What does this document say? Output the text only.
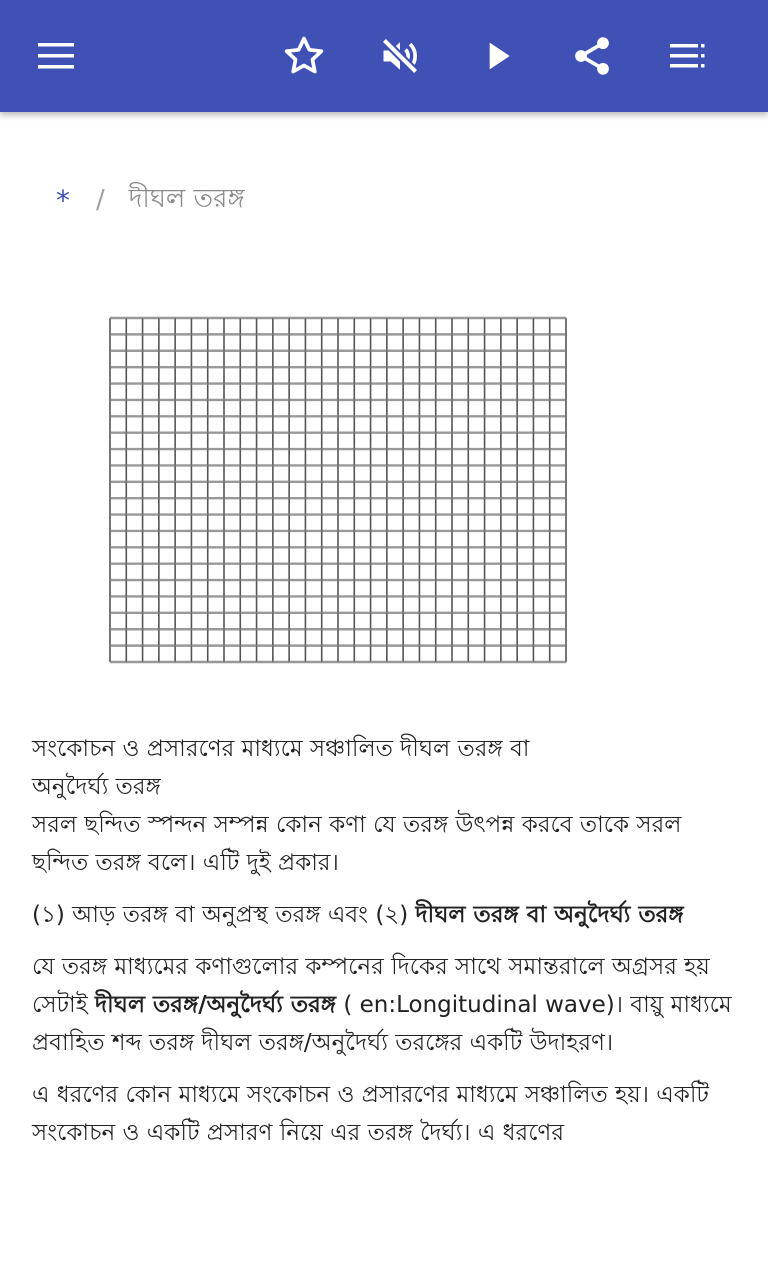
* / দীঘল তরঙ্গ

সংকোচন ও প্রসারণের মাধ্যমে সঞ্চালিত দীঘল তরঙ্গ বা
অনুদৈর্ঘ্য তরঙ্গ
সরল ছন্দিত স্পন্দন সম্পন্ন কোন কণা যে তরঙ্গ উৎপন্ন করবে তাকে সরল ছন্দিত তরঙ্গ বলে। এটি দুই প্রকার।

(১) আড় তরঙ্গ বা অনুপ্রস্থ তরঙ্গ এবং (২) দীঘল তরঙ্গ বা অনুদৈর্ঘ্য তরঙ্গ

যে তরঙ্গ মাধ্যমের কণাগুলোর কম্পনের দিকের সাথে সমান্তরালে অগ্রসর হয় সেটাই দীঘল তরঙ্গ/অনুদৈর্ঘ্য তরঙ্গ ( en:Longitudinal wave)। বায়ু মাধ্যমে প্রবাহিত শব্দ তরঙ্গ দীঘল তরঙ্গ/অনুদৈর্ঘ্য তরঙ্গের একটি উদাহরণ।

এ ধরণের কোন মাধ্যমে সংকোচন ও প্রসারণের মাধ্যমে সঞ্চালিত হয়। একটি সংকোচন ও একটি প্রসারণ নিয়ে এর তরঙ্গ দৈর্ঘ্য। এ ধরণের
